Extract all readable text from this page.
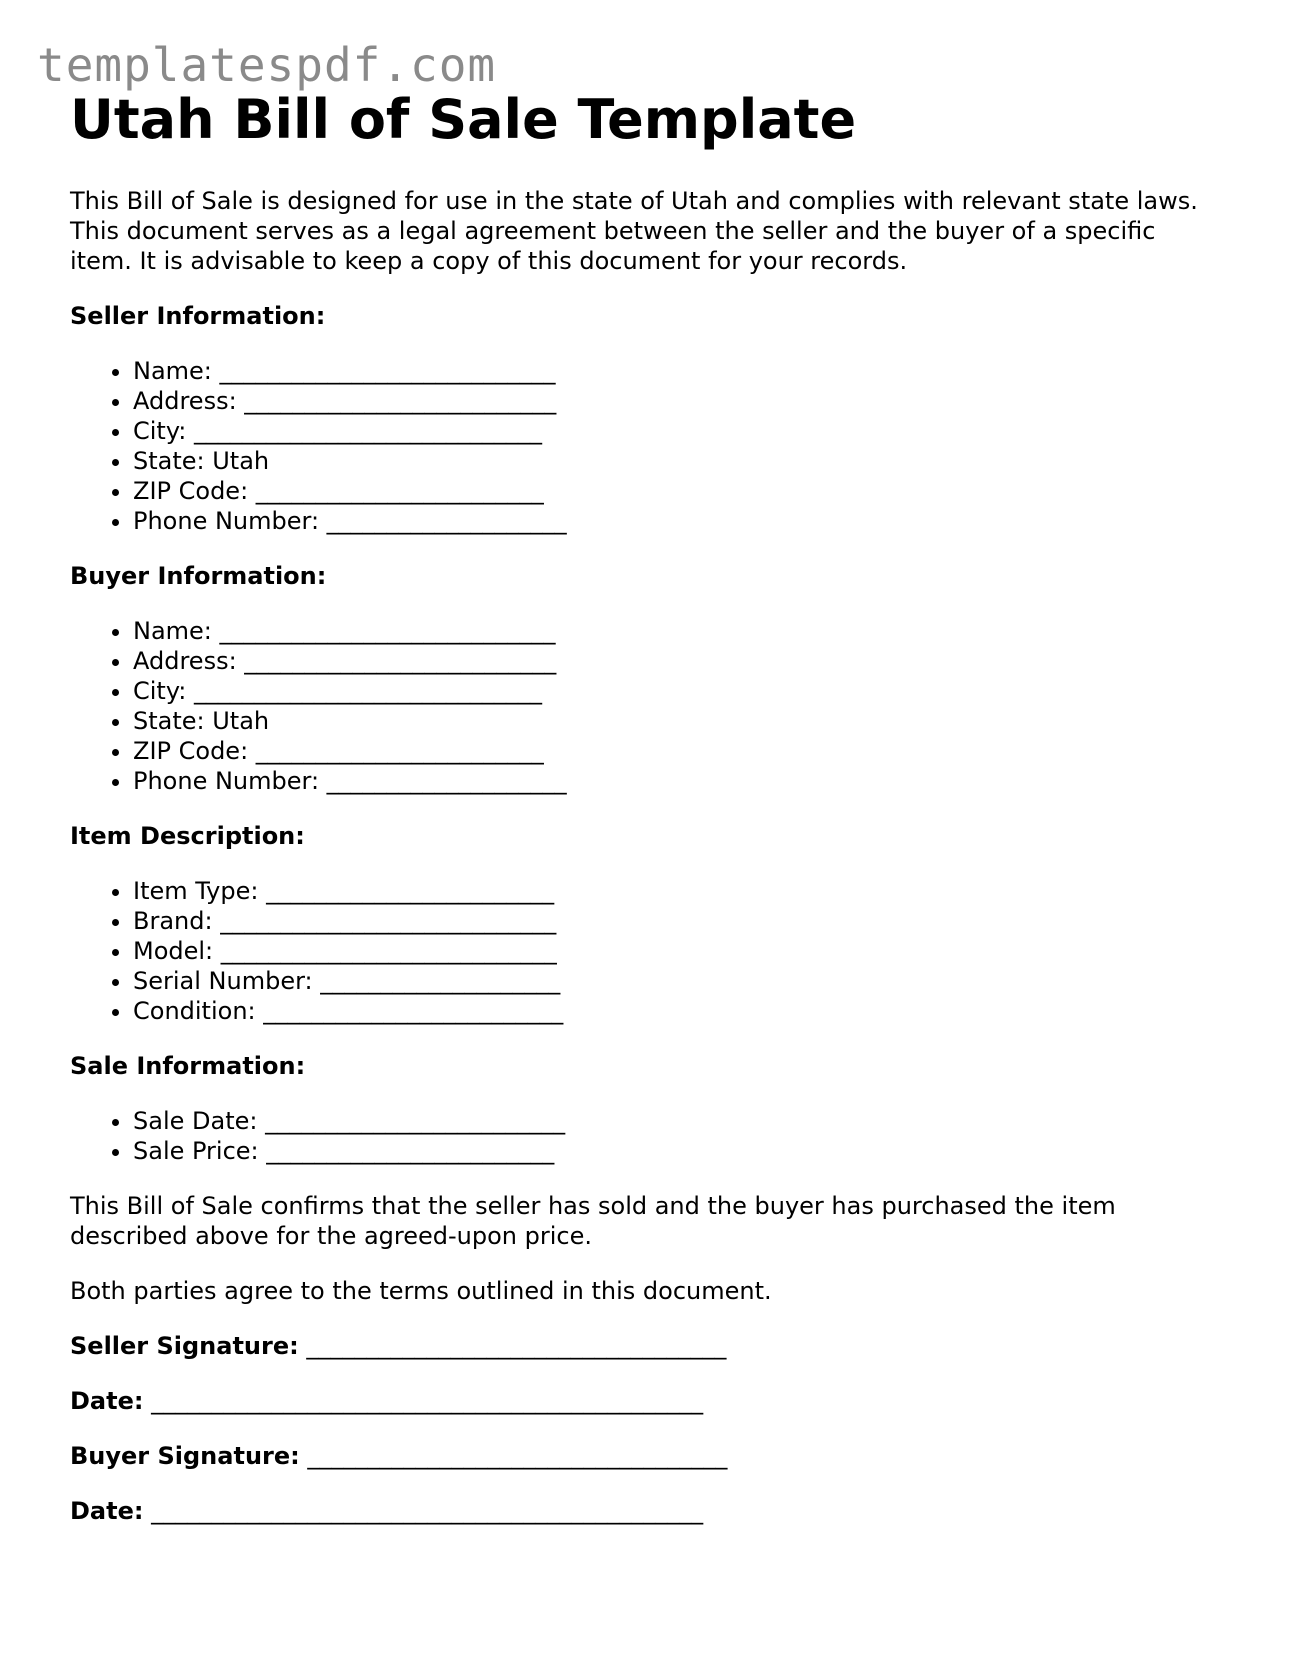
templatespdf.com
Utah Bill of Sale Template

This Bill of Sale is designed for use in the state of Utah and complies with relevant state laws. This document serves as a legal agreement between the seller and the buyer of a specific item. It is advisable to keep a copy of this document for your records.

Seller Information:

• Name: ____________________________
• Address: __________________________
• City: _____________________________
• State: Utah
• ZIP Code: ________________________
• Phone Number: ____________________

Buyer Information:

• Name: ____________________________
• Address: __________________________
• City: _____________________________
• State: Utah
• ZIP Code: ________________________
• Phone Number: ____________________

Item Description:

• Item Type: ________________________
• Brand: ____________________________
• Model: ____________________________
• Serial Number: ____________________
• Condition: _________________________

Sale Information:

• Sale Date: _________________________
• Sale Price: ________________________

This Bill of Sale confirms that the seller has sold and the buyer has purchased the item described above for the agreed-upon price.

Both parties agree to the terms outlined in this document.

Seller Signature: ___________________________________

Date: ______________________________________________

Buyer Signature: ___________________________________

Date: ______________________________________________
